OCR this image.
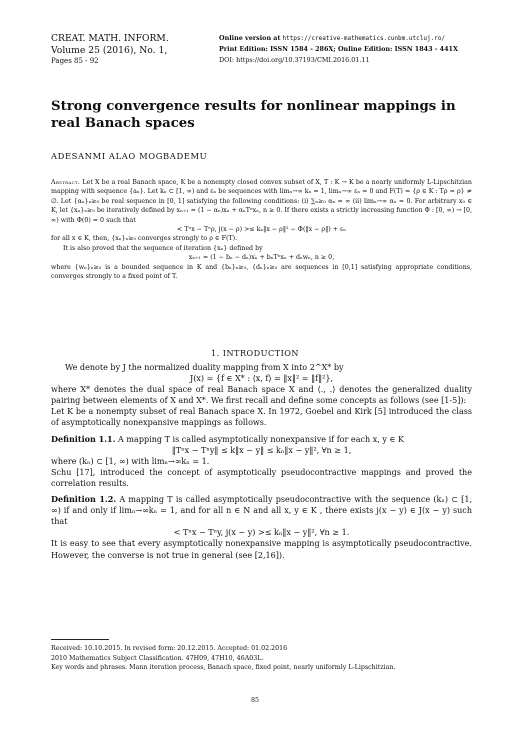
CREAT. MATH. INFORM.
Volume 25 (2016), No. 1,
Pages 85 - 92
Online version at https://creative-mathematics.cunbm.utcluj.ro/
Print Edition: ISSN 1584 - 286X; Online Edition: ISSN 1843 - 441X
DOI: https://doi.org/10.37193/CMI.2016.01.11
Strong convergence results for nonlinear mappings in real Banach spaces
ADESANMI ALAO MOGBADEMU

Abstract. Let X be a real Banach space, K be a nonempty closed convex subset of X, T : K → K be a nearly uniformly L-Lipschitzian mapping with sequence {aₙ}. Let kₙ ⊂ [1, ∞) and εₙ be sequences with limₙ→∞ kₙ = 1, limₙ→∞ εₙ = 0 and F(T) = {ρ ∈ K : Tρ = ρ} ≠ ∅. Let {αₙ}ₙ≥₀ be real sequence in [0, 1] satisfying the following conditions: (i) ∑ₙ≥₀ αₙ = ∞ (ii) limₙ→∞ αₙ = 0. For arbitrary x₀ ∈ K, let {xₙ}ₙ≥₀ be iteratively defined by xₙ₊₁ = (1 − αₙ)xₙ + αₙTⁿxₙ, n ≥ 0. If there exists a strictly increasing function Φ : [0, ∞) → [0, ∞) with Φ(0) = 0 such that

< Tⁿx − Tⁿρ, j(x − ρ) >≤ kₙ‖x − ρ‖² − Φ(‖x − ρ‖) + εₙ

for all x ∈ K, then, {xₙ}ₙ≥₀ converges strongly to ρ ∈ F(T).

It is also proved that the sequence of iteration {xₙ} defined by

xₙ₊₁ = (1 − bₙ − dₙ)xₙ + bₙTⁿxₙ + dₙwₙ, n ≥ 0,

where {wₙ}ₙ≥₀ is a bounded sequence in K and {bₙ}ₙ≥₀, {dₙ}ₙ≥₀ are sequences in [0,1] satisfying appropriate conditions, converges strongly to a fixed point of T.

1. INTRODUCTION

We denote by J the normalized duality mapping from X into 2^X* by

J(x) = {f ∈ X* : ⟨x, f⟩ = ‖x‖² = ‖f‖²},

where X* denotes the dual space of real Banach space X and ⟨., .⟩ denotes the generalized duality pairing between elements of X and X*. We first recall and define some concepts as follows (see [1-5]):

Let K be a nonempty subset of real Banach space X. In 1972, Goebel and Kirk [5] introduced the class of asymptotically nonexpansive mappings as follows.

Definition 1.1. A mapping T is called asymptotically nonexpansive if for each x, y ∈ K

‖Tⁿx − Tⁿy‖ ≤ k‖x − y‖ ≤ kₙ‖x − y‖², ∀n ≥ 1,

where (kₙ) ⊂ [1, ∞) with limₙ→∞kₙ = 1.

Schu [17], introduced the concept of asymptotically pseudocontractive mappings and proved the correlation results.

Definition 1.2. A mapping T is called asymptotically pseudocontractive with the sequence (kₙ) ⊂ [1, ∞) if and only if limₙ→∞kₙ = 1, and for all n ∈ N and all x, y ∈ K , there exists j(x − y) ∈ J(x − y) such that

< Tⁿx − Tⁿy, j(x − y) >≤ kₙ‖x − y‖², ∀n ≥ 1.

It is easy to see that every asymptotically nonexpansive mapping is asymptotically pseudocontractive. However, the converse is not true in general (see [2,16]).

Received: 10.10.2015. In revised form: 20.12.2015. Accepted: 01.02.2016
2010 Mathematics Subject Classification. 47H09, 47H10, 46A03L.
Key words and phrases. Mann iteration process, Banach space, fixed point, nearly uniformly L-Lipschitzian.
85
